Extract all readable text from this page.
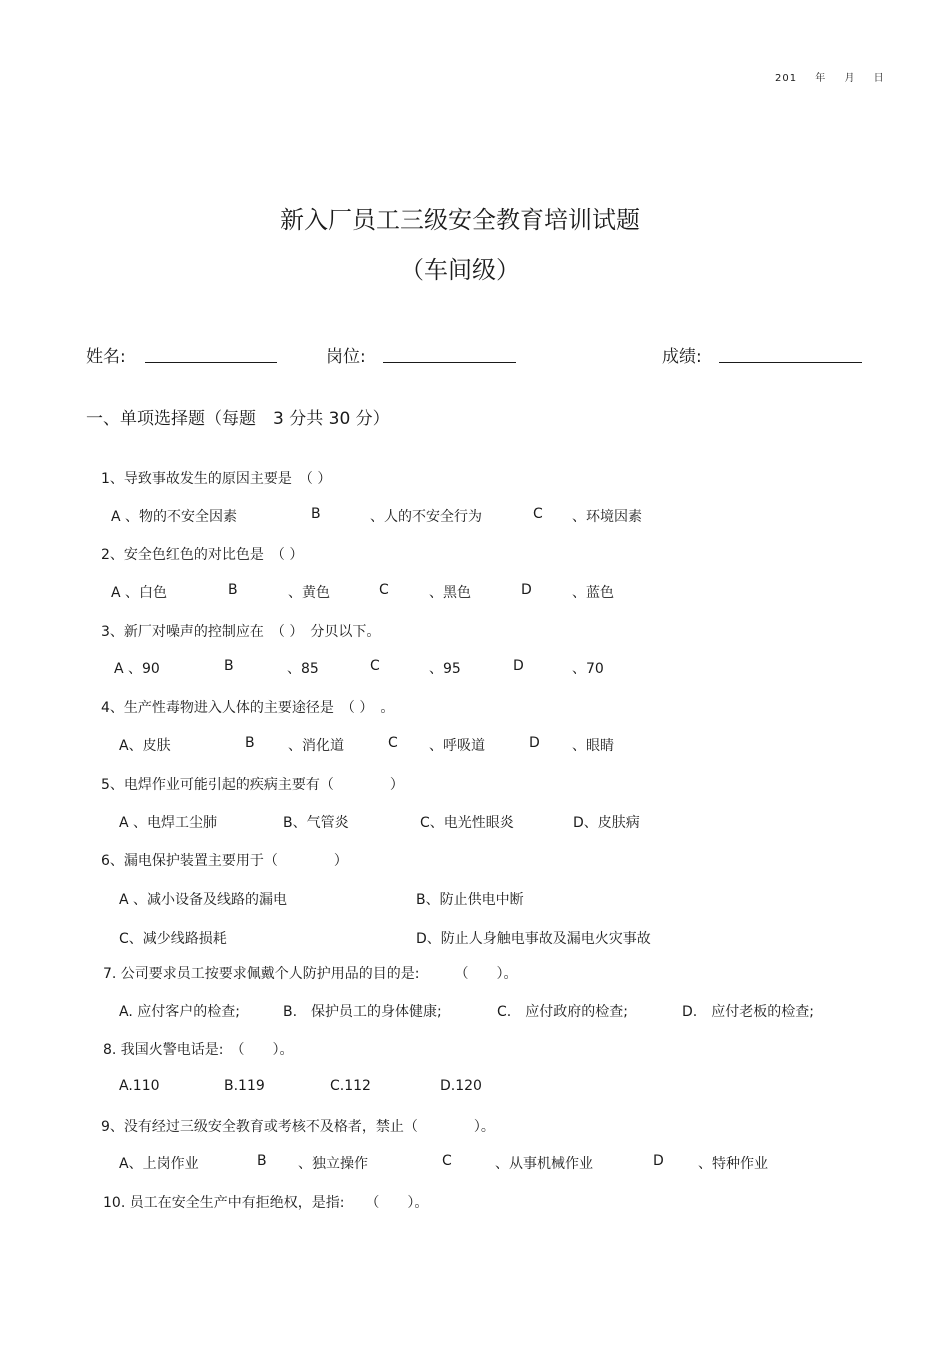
201 年 月 日
新入厂员工三级安全教育培训试题
（车间级）
姓名:	岗位:	成绩:
一、单项选择题（每题　3 分共 30 分）
1、导致事故发生的原因主要是　（ ）
A 、物的不安全因素	B	、人的不安全行为	C 、环境因素
2、安全色红色的对比色是　（ ）
A 、白色	B	、黄色	C	、黑色	D	、蓝色
3、新厂对噪声的控制应在　（ ）　分贝以下。
A 、90	B	、85	C	、95	D	、70
4、生产性毒物进入人体的主要途径是　（ ）　。
A、皮肤	B 、消化道	C 、呼吸道	D 、眼睛
5、电焊作业可能引起的疾病主要有（　　　　）
A 、电焊工尘肺	B、气管炎	C、电光性眼炎	D、皮肤病
6、漏电保护装置主要用于（　　　　）
A 、减小设备及线路的漏电	B、防止供电中断
C、减少线路损耗	D、防止人身触电事故及漏电火灾事故
7. 公司要求员工按要求佩戴个人防护用品的目的是:　　　（　　）。
A. 应付客户的检查;	B.　保护员工的身体健康;	C.　应付政府的检查;	D.　应付老板的检查;
8. 我国火警电话是:　（　　）。
A.110	B.119	C.112	D.120
9、没有经过三级安全教育或考核不及格者，禁止（　　　　）。
A、上岗作业	B 、独立操作	C	、从事机械作业	D 、特种作业
10. 员工在安全生产中有拒绝权，是指:　　（　　）。
